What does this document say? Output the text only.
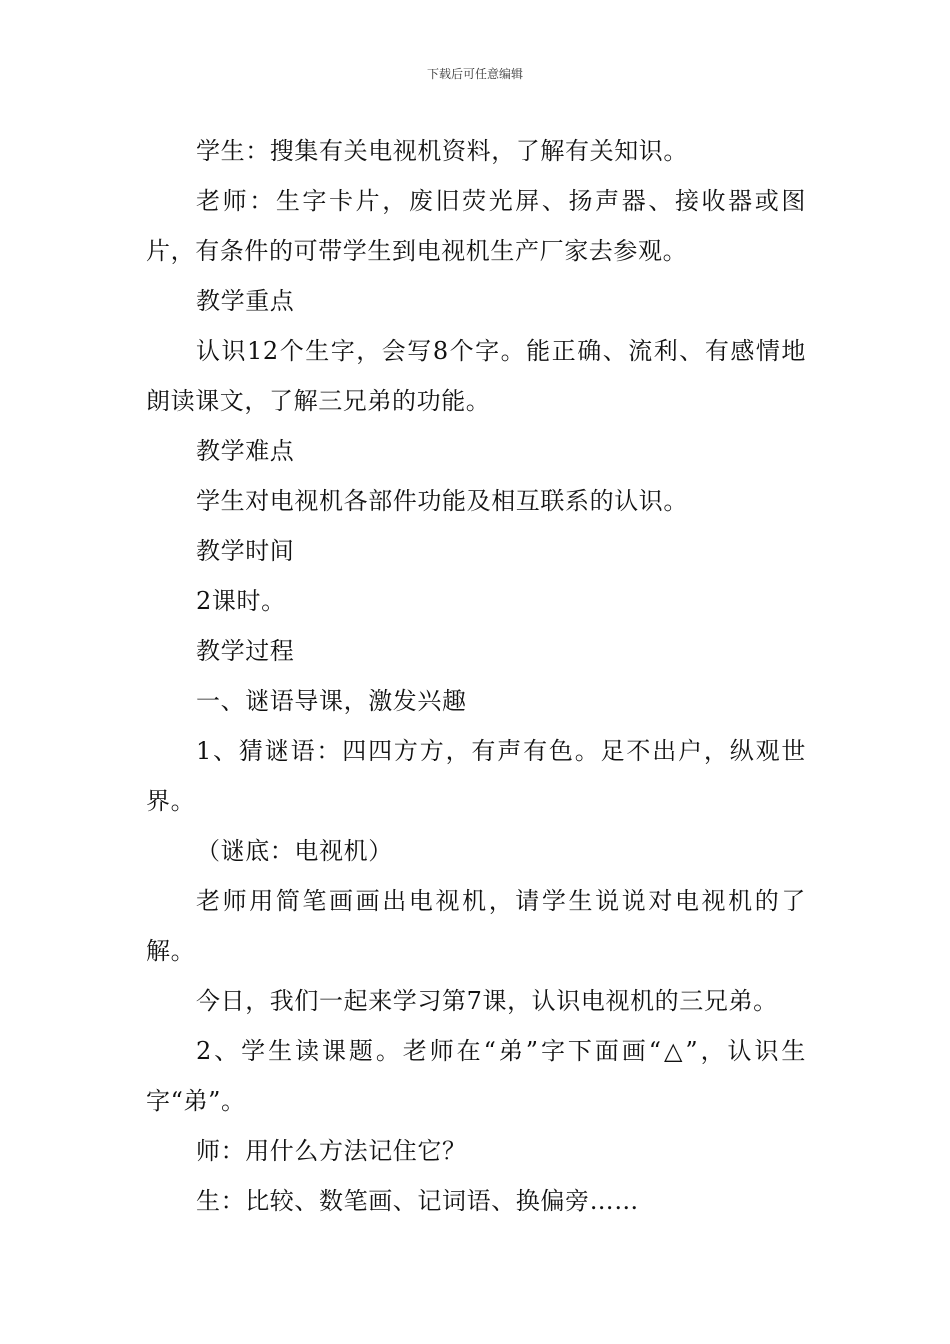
下载后可任意编辑

学生：搜集有关电视机资料，了解有关知识。

老师：生字卡片，废旧荧光屏、扬声器、接收器或图片，有条件的可带学生到电视机生产厂家去参观。

教学重点

认识12个生字，会写8个字。能正确、流利、有感情地朗读课文，了解三兄弟的功能。

教学难点

学生对电视机各部件功能及相互联系的认识。

教学时间

2课时。

教学过程

一、谜语导课，激发兴趣

1、猜谜语：四四方方，有声有色。足不出户，纵观世界。

（谜底：电视机）

老师用简笔画画出电视机，请学生说说对电视机的了解。

今日，我们一起来学习第7课，认识电视机的三兄弟。

2、学生读课题。老师在“弟”字下面画“△”，认识生字“弟”。

师：用什么方法记住它？

生：比较、数笔画、记词语、换偏旁……
